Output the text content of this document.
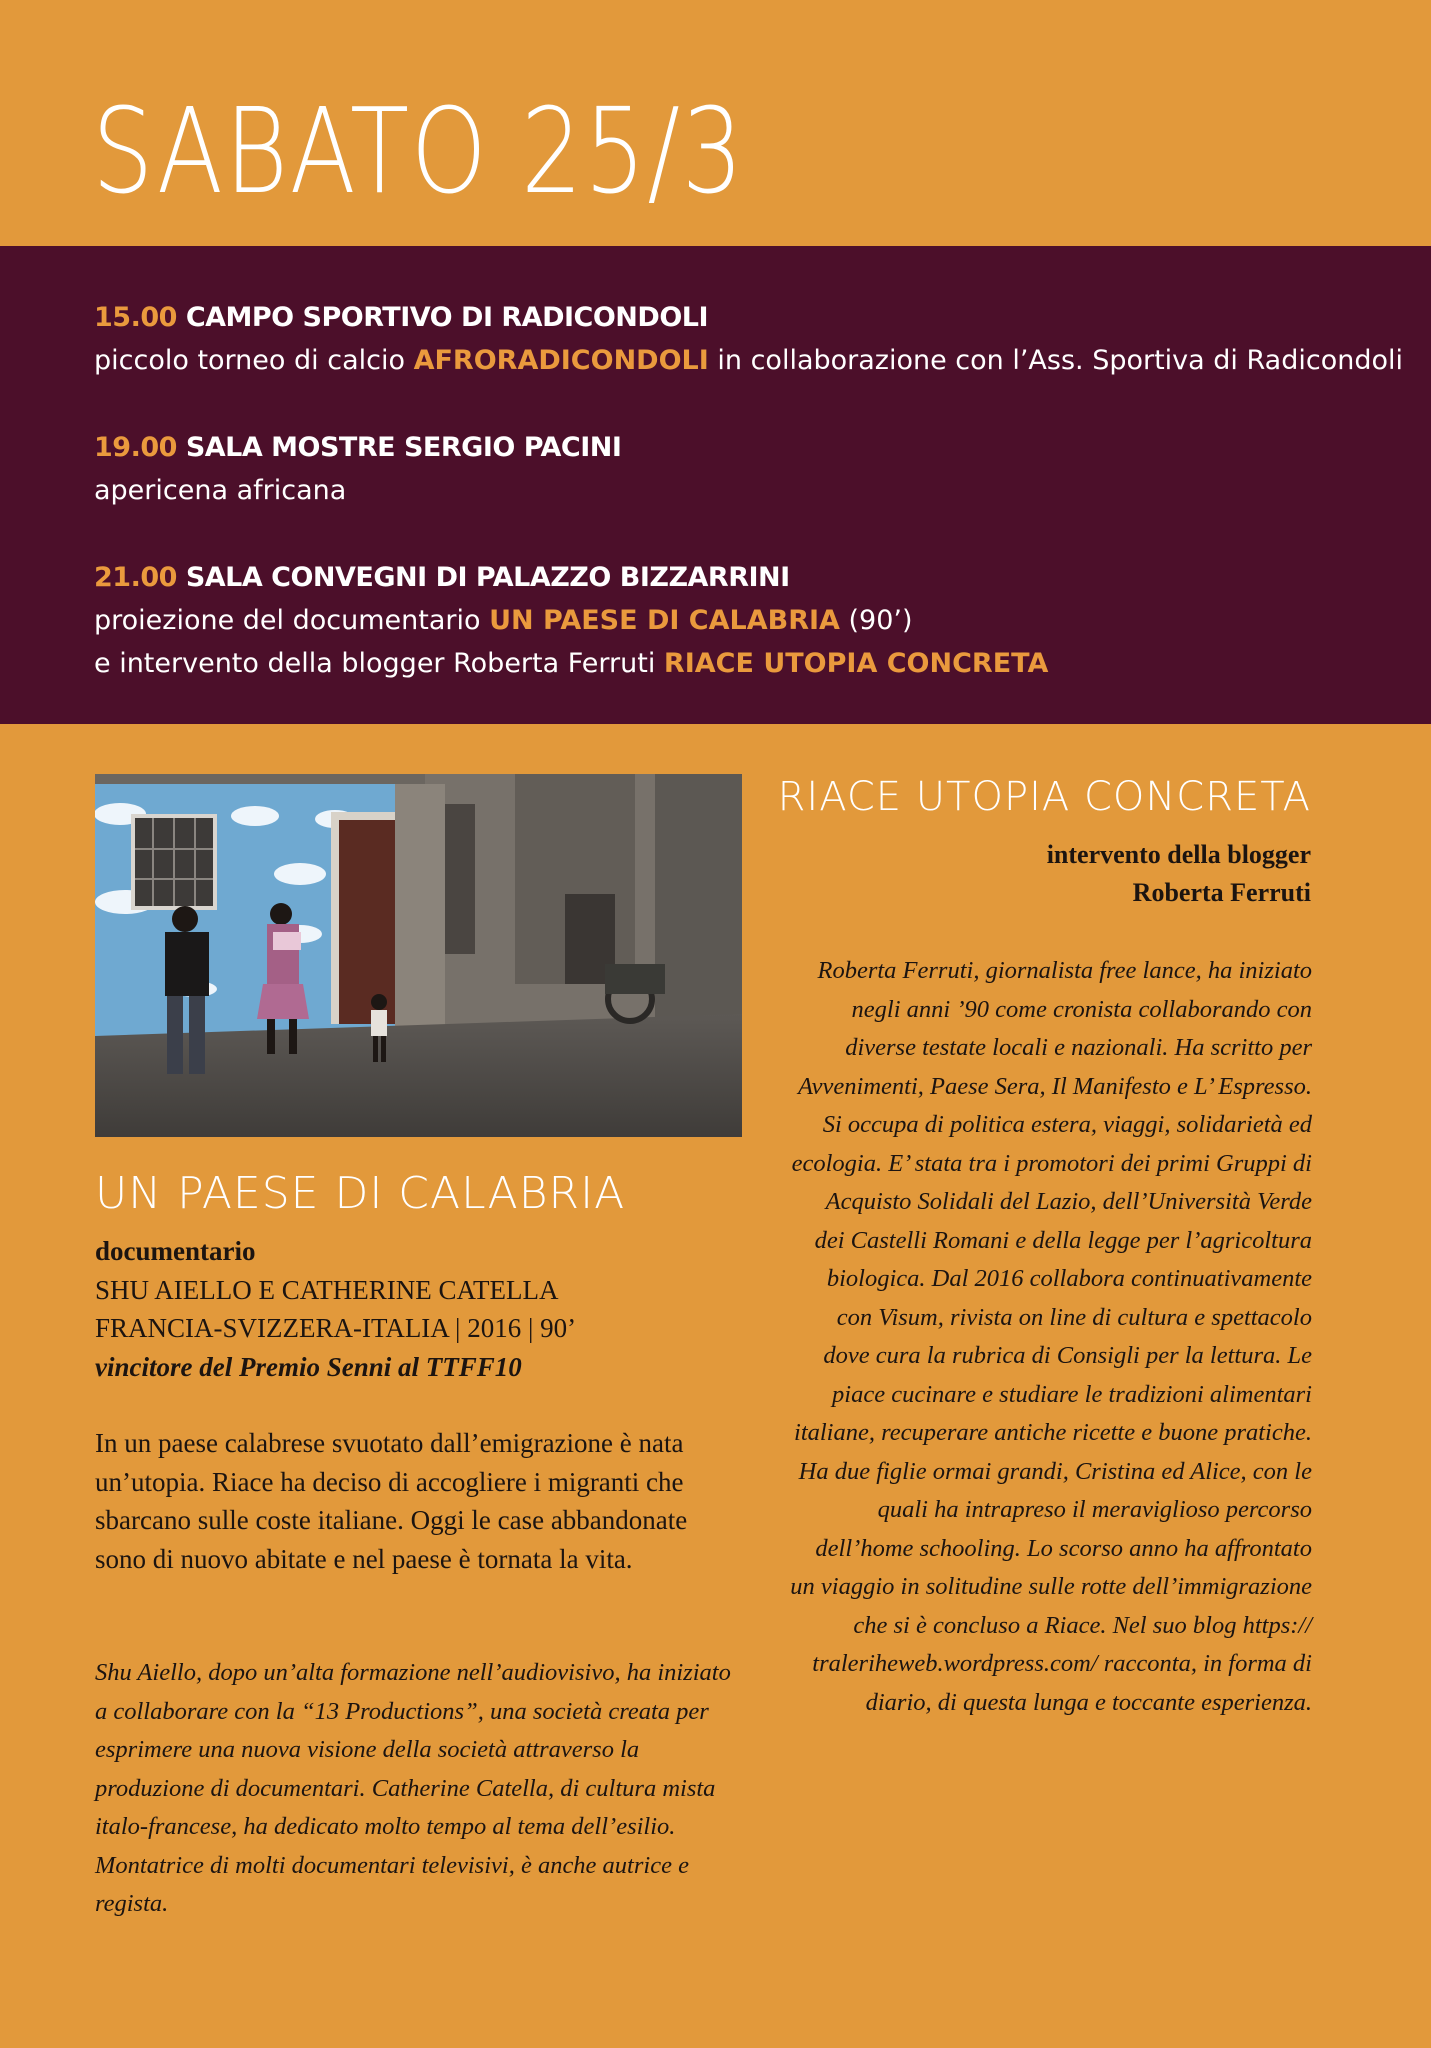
SABATO 25/3
15.00 CAMPO SPORTIVO DI RADICONDOLI
piccolo torneo di calcio AFRORADICONDOLI in collaborazione con l’Ass. Sportiva di Radicondoli
19.00 SALA MOSTRE SERGIO PACINI
apericena africana
21.00 SALA CONVEGNI DI PALAZZO BIZZARRINI
proiezione del documentario UN PAESE DI CALABRIA (90’)
e intervento della blogger Roberta Ferruti RIACE UTOPIA CONCRETA
UN PAESE DI CALABRIA
documentario
SHU AIELLO E CATHERINE CATELLA
FRANCIA-SVIZZERA-ITALIA | 2016 | 90’
vincitore del Premio Senni al TTFF10
In un paese calabrese svuotato dall’emigrazione è nata un’utopia. Riace ha deciso di accogliere i migranti che sbarcano sulle coste italiane. Oggi le case abbandonate sono di nuovo abitate e nel paese è tornata la vita.
Shu Aiello, dopo un’alta formazione nell’audiovisivo, ha iniziato a collaborare con la “13 Productions”, una società creata per esprimere una nuova visione della società attraverso la produzione di documentari. Catherine Catella, di cultura mista italo-francese, ha dedicato molto tempo al tema dell’esilio. Montatrice di molti documentari televisivi, è anche autrice e regista.
RIACE UTOPIA CONCRETA
intervento della blogger
Roberta Ferruti
Roberta Ferruti, giornalista free lance, ha iniziato negli anni ’90 come cronista collaborando con diverse testate locali e nazionali. Ha scritto per Avvenimenti, Paese Sera, Il Manifesto e L’ Espresso. Si occupa di politica estera, viaggi, solidarietà ed ecologia. E’ stata tra i promotori dei primi Gruppi di Acquisto Solidali del Lazio, dell’Università Verde dei Castelli Romani e della legge per l’agricoltura biologica. Dal 2016 collabora continuativamente con Visum, rivista on line di cultura e spettacolo dove cura la rubrica di Consigli per la lettura. Le piace cucinare e studiare le tradizioni alimentari italiane, recuperare antiche ricette e buone pratiche. Ha due figlie ormai grandi, Cristina ed Alice, con le quali ha intrapreso il meraviglioso percorso dell’home schooling. Lo scorso anno ha affrontato un viaggio in solitudine sulle rotte dell’immigrazione che si è concluso a Riace. Nel suo blog https:// traleriheweb.wordpress.com/ racconta, in forma di diario, di questa lunga e toccante esperienza.
